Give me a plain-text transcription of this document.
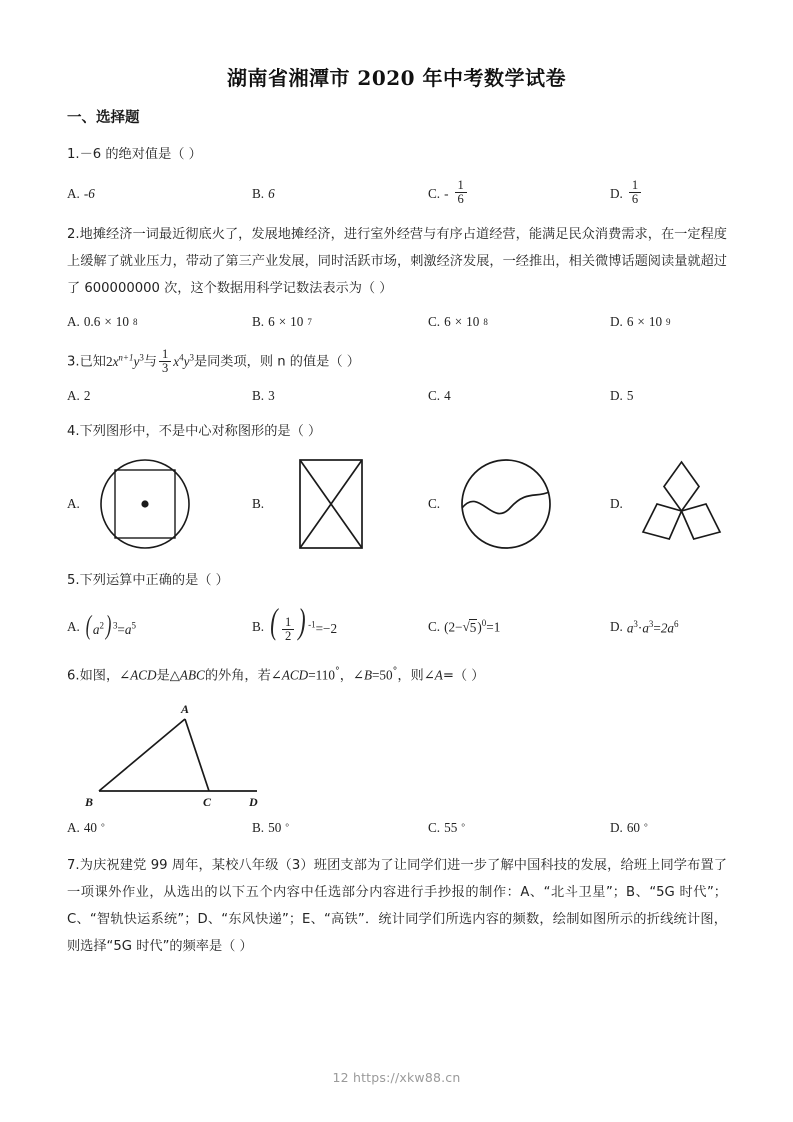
湖南省湘潭市 2020 年中考数学试卷
一、选择题

1.－6 的绝对值是（ ）

A. -6	B. 6	C. - $\frac{1}{6}$	D. $\frac{1}{6}$

2.地摊经济一词最近彻底火了，发展地摊经济，进行室外经营与有序占道经营，能满足民众消费需求，在一定程度上缓解了就业压力，带动了第三产业发展，同时活跃市场，刺激经济发展，一经推出，相关微博话题阅读量就超过了 600000000 次，这个数据用科学记数法表示为（ ）

A. 0.6 × 10 8	B. 6 × 10 7	C. 6 × 10 8	D. 6 × 10 9

3.已知$2x^{n+1}y^3$与 $\frac{1}{3} x^4y^3$是同类项，则 n 的值是（ ）

A. 2	B. 3	C. 4	D. 5

4.下列图形中，不是中心对称图形的是（ ）

A.	B.	C.	D.

5.下列运算中正确的是（ ）

A. ( $a^2$ ) $^3=a^5$	B. ( $\frac{1}{2}$ ) $^{-1}$=−2	C. (2− √ 5 )$^0$=1	D. $a^3\cdot a^3=2a^6$

6.如图，∠ACD是△ABC的外角，若∠ACD=110°，∠B=50°，则∠A=（ ）

A
B	C	D
A. 40 °	B. 50 °	C. 55 °	D. 60 °

7.为庆祝建党 99 周年，某校八年级（3）班团支部为了让同学们进一步了解中国科技的发展，给班上同学布置了一项课外作业，从选出的以下五个内容中任选部分内容进行手抄报的制作：A、“北斗卫星”；B、“5G 时代”；C、“智轨快运系统”；D、“东风快递”；E、“高铁”．统计同学们所选内容的频数，绘制如图所示的折线统计图，则选择“5G 时代”的频率是（ ）

12 https://xkw88.cn
